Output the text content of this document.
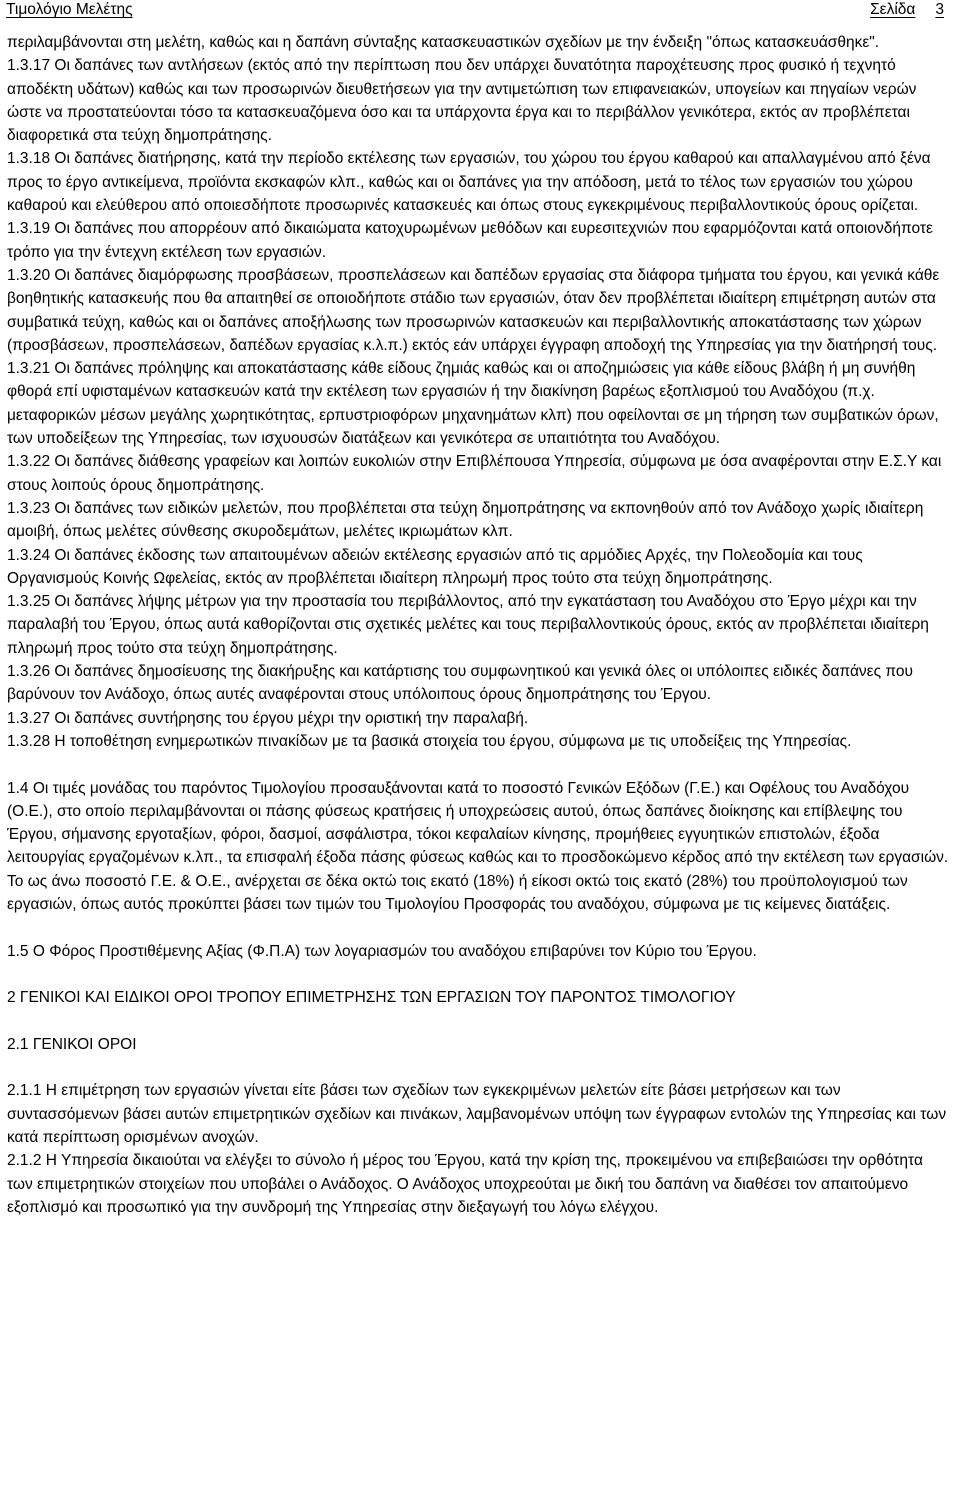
Τιμολόγιο Μελέτης	Σελίδα 3

περιλαμβάνονται στη μελέτη, καθώς και η δαπάνη σύνταξης κατασκευαστικών σχεδίων με την ένδειξη "όπως κατασκευάσθηκε".

1.3.17 Οι δαπάνες των αντλήσεων (εκτός από την περίπτωση που δεν υπάρχει δυνατότητα παροχέτευσης προς φυσικό ή τεχνητό αποδέκτη υδάτων) καθώς και των προσωρινών διευθετήσεων για την αντιμετώπιση των επιφανειακών, υπογείων και πηγαίων νερών ώστε να προστατεύονται τόσο τα κατασκευαζόμενα όσο και τα υπάρχοντα έργα και το περιβάλλον γενικότερα, εκτός αν προβλέπεται διαφορετικά στα τεύχη δημοπράτησης.

1.3.18 Οι δαπάνες διατήρησης, κατά την περίοδο εκτέλεσης των εργασιών, του χώρου του έργου καθαρού και απαλλαγμένου από ξένα προς το έργο αντικείμενα, προϊόντα εκσκαφών κλπ., καθώς και οι δαπάνες για την απόδοση, μετά το τέλος των εργασιών του χώρου καθαρού και ελεύθερου από οποιεσδήποτε προσωρινές κατασκευές και όπως στους εγκεκριμένους περιβαλλοντικούς όρους ορίζεται.

1.3.19 Οι δαπάνες που απορρέουν από δικαιώματα κατοχυρωμένων μεθόδων και ευρεσιτεχνιών που εφαρμόζονται κατά οποιονδήποτε τρόπο για την έντεχνη εκτέλεση των εργασιών.

1.3.20 Οι δαπάνες διαμόρφωσης προσβάσεων, προσπελάσεων και δαπέδων εργασίας στα διάφορα τμήματα του έργου, και γενικά κάθε βοηθητικής κατασκευής που θα απαιτηθεί σε οποιοδήποτε στάδιο των εργασιών, όταν δεν προβλέπεται ιδιαίτερη επιμέτρηση αυτών στα συμβατικά τεύχη, καθώς και οι δαπάνες αποξήλωσης των προσωρινών κατασκευών και περιβαλλοντικής αποκατάστασης των χώρων (προσβάσεων, προσπελάσεων, δαπέδων εργασίας κ.λ.π.) εκτός εάν υπάρχει έγγραφη αποδοχή της Υπηρεσίας για την διατήρησή τους.

1.3.21 Οι δαπάνες πρόληψης και αποκατάστασης κάθε είδους ζημιάς καθώς και οι αποζημιώσεις για κάθε είδους βλάβη ή μη συνήθη φθορά επί υφισταμένων κατασκευών κατά την εκτέλεση των εργασιών ή την διακίνηση βαρέως εξοπλισμού του Αναδόχου (π.χ. μεταφορικών μέσων μεγάλης χωρητικότητας, ερπυστριοφόρων μηχανημάτων κλπ) που οφείλονται σε μη τήρηση των συμβατικών όρων, των υποδείξεων της Υπηρεσίας, των ισχυουσών διατάξεων και γενικότερα σε υπαιτιότητα του Αναδόχου.

1.3.22 Οι δαπάνες διάθεσης γραφείων και λοιπών ευκολιών στην Επιβλέπουσα Υπηρεσία, σύμφωνα με όσα αναφέρονται στην Ε.Σ.Υ και στους λοιπούς όρους δημοπράτησης.

1.3.23 Οι δαπάνες των ειδικών μελετών, που προβλέπεται στα τεύχη δημοπράτησης να εκπονηθούν από τον Ανάδοχο χωρίς ιδιαίτερη αμοιβή, όπως μελέτες σύνθεσης σκυροδεμάτων, μελέτες ικριωμάτων κλπ.

1.3.24 Οι δαπάνες έκδοσης των απαιτουμένων αδειών εκτέλεσης εργασιών από τις αρμόδιες Αρχές, την Πολεοδομία και τους Οργανισμούς Κοινής Ωφελείας, εκτός αν προβλέπεται ιδιαίτερη πληρωμή προς τούτο στα τεύχη δημοπράτησης.

1.3.25 Οι δαπάνες λήψης μέτρων για την προστασία του περιβάλλοντος, από την εγκατάσταση του Αναδόχου στο Έργο μέχρι και την παραλαβή του Έργου, όπως αυτά καθορίζονται στις σχετικές μελέτες και τους περιβαλλοντικούς όρους, εκτός αν προβλέπεται ιδιαίτερη πληρωμή προς τούτο στα τεύχη δημοπράτησης.

1.3.26 Οι δαπάνες δημοσίευσης της διακήρυξης και κατάρτισης του συμφωνητικού και γενικά όλες οι υπόλοιπες ειδικές δαπάνες που βαρύνουν τον Ανάδοχο, όπως αυτές αναφέρονται στους υπόλοιπους όρους δημοπράτησης του Έργου.

1.3.27 Οι δαπάνες συντήρησης του έργου μέχρι την οριστική την παραλαβή.

1.3.28 Η τοποθέτηση ενημερωτικών πινακίδων με τα βασικά στοιχεία του έργου, σύμφωνα με τις υποδείξεις της Υπηρεσίας.

1.4 Οι τιμές μονάδας του παρόντος Τιμολογίου προσαυξάνονται κατά το ποσοστό Γενικών Εξόδων (Γ.Ε.) και Οφέλους του Αναδόχου (Ο.Ε.), στο οποίο περιλαμβάνονται οι πάσης φύσεως κρατήσεις ή υποχρεώσεις αυτού, όπως δαπάνες διοίκησης και επίβλεψης του Έργου, σήμανσης εργοταξίων, φόροι, δασμοί, ασφάλιστρα, τόκοι κεφαλαίων κίνησης, προμήθειες εγγυητικών επιστολών, έξοδα λειτουργίας εργαζομένων κ.λπ., τα επισφαλή έξοδα πάσης φύσεως καθώς και το προσδοκώμενο κέρδος από την εκτέλεση των εργασιών.

Το ως άνω ποσοστό Γ.Ε. & Ο.Ε., ανέρχεται σε δέκα οκτώ τοις εκατό (18%) ή είκοσι οκτώ τοις εκατό (28%) του προϋπολογισμού των εργασιών, όπως αυτός προκύπτει βάσει των τιμών του Τιμολογίου Προσφοράς του αναδόχου, σύμφωνα με τις κείμενες διατάξεις.

1.5 Ο Φόρος Προστιθέμενης Αξίας (Φ.Π.Α) των λογαριασμών του αναδόχου επιβαρύνει τον Κύριο του Έργου.

2 ΓΕΝΙΚΟΙ ΚΑΙ ΕΙΔΙΚΟΙ ΟΡΟΙ ΤΡΟΠΟΥ ΕΠΙΜΕΤΡΗΣΗΣ ΤΩΝ ΕΡΓΑΣΙΩΝ ΤΟΥ ΠΑΡΟΝΤΟΣ ΤΙΜΟΛΟΓΙΟΥ

2.1 ΓΕΝΙΚΟΙ ΟΡΟΙ

2.1.1 Η επιμέτρηση των εργασιών γίνεται είτε βάσει των σχεδίων των εγκεκριμένων μελετών είτε βάσει μετρήσεων και των συντασσόμενων βάσει αυτών επιμετρητικών σχεδίων και πινάκων, λαμβανομένων υπόψη των έγγραφων εντολών της Υπηρεσίας και των κατά περίπτωση ορισμένων ανοχών.

2.1.2 Η Υπηρεσία δικαιούται να ελέγξει το σύνολο ή μέρος του Έργου, κατά την κρίση της, προκειμένου να επιβεβαιώσει την ορθότητα των επιμετρητικών στοιχείων που υποβάλει ο Ανάδοχος. Ο Ανάδοχος υποχρεούται με δική του δαπάνη να διαθέσει τον απαιτούμενο εξοπλισμό και προσωπικό για την συνδρομή της Υπηρεσίας στην διεξαγωγή του λόγω ελέγχου.
